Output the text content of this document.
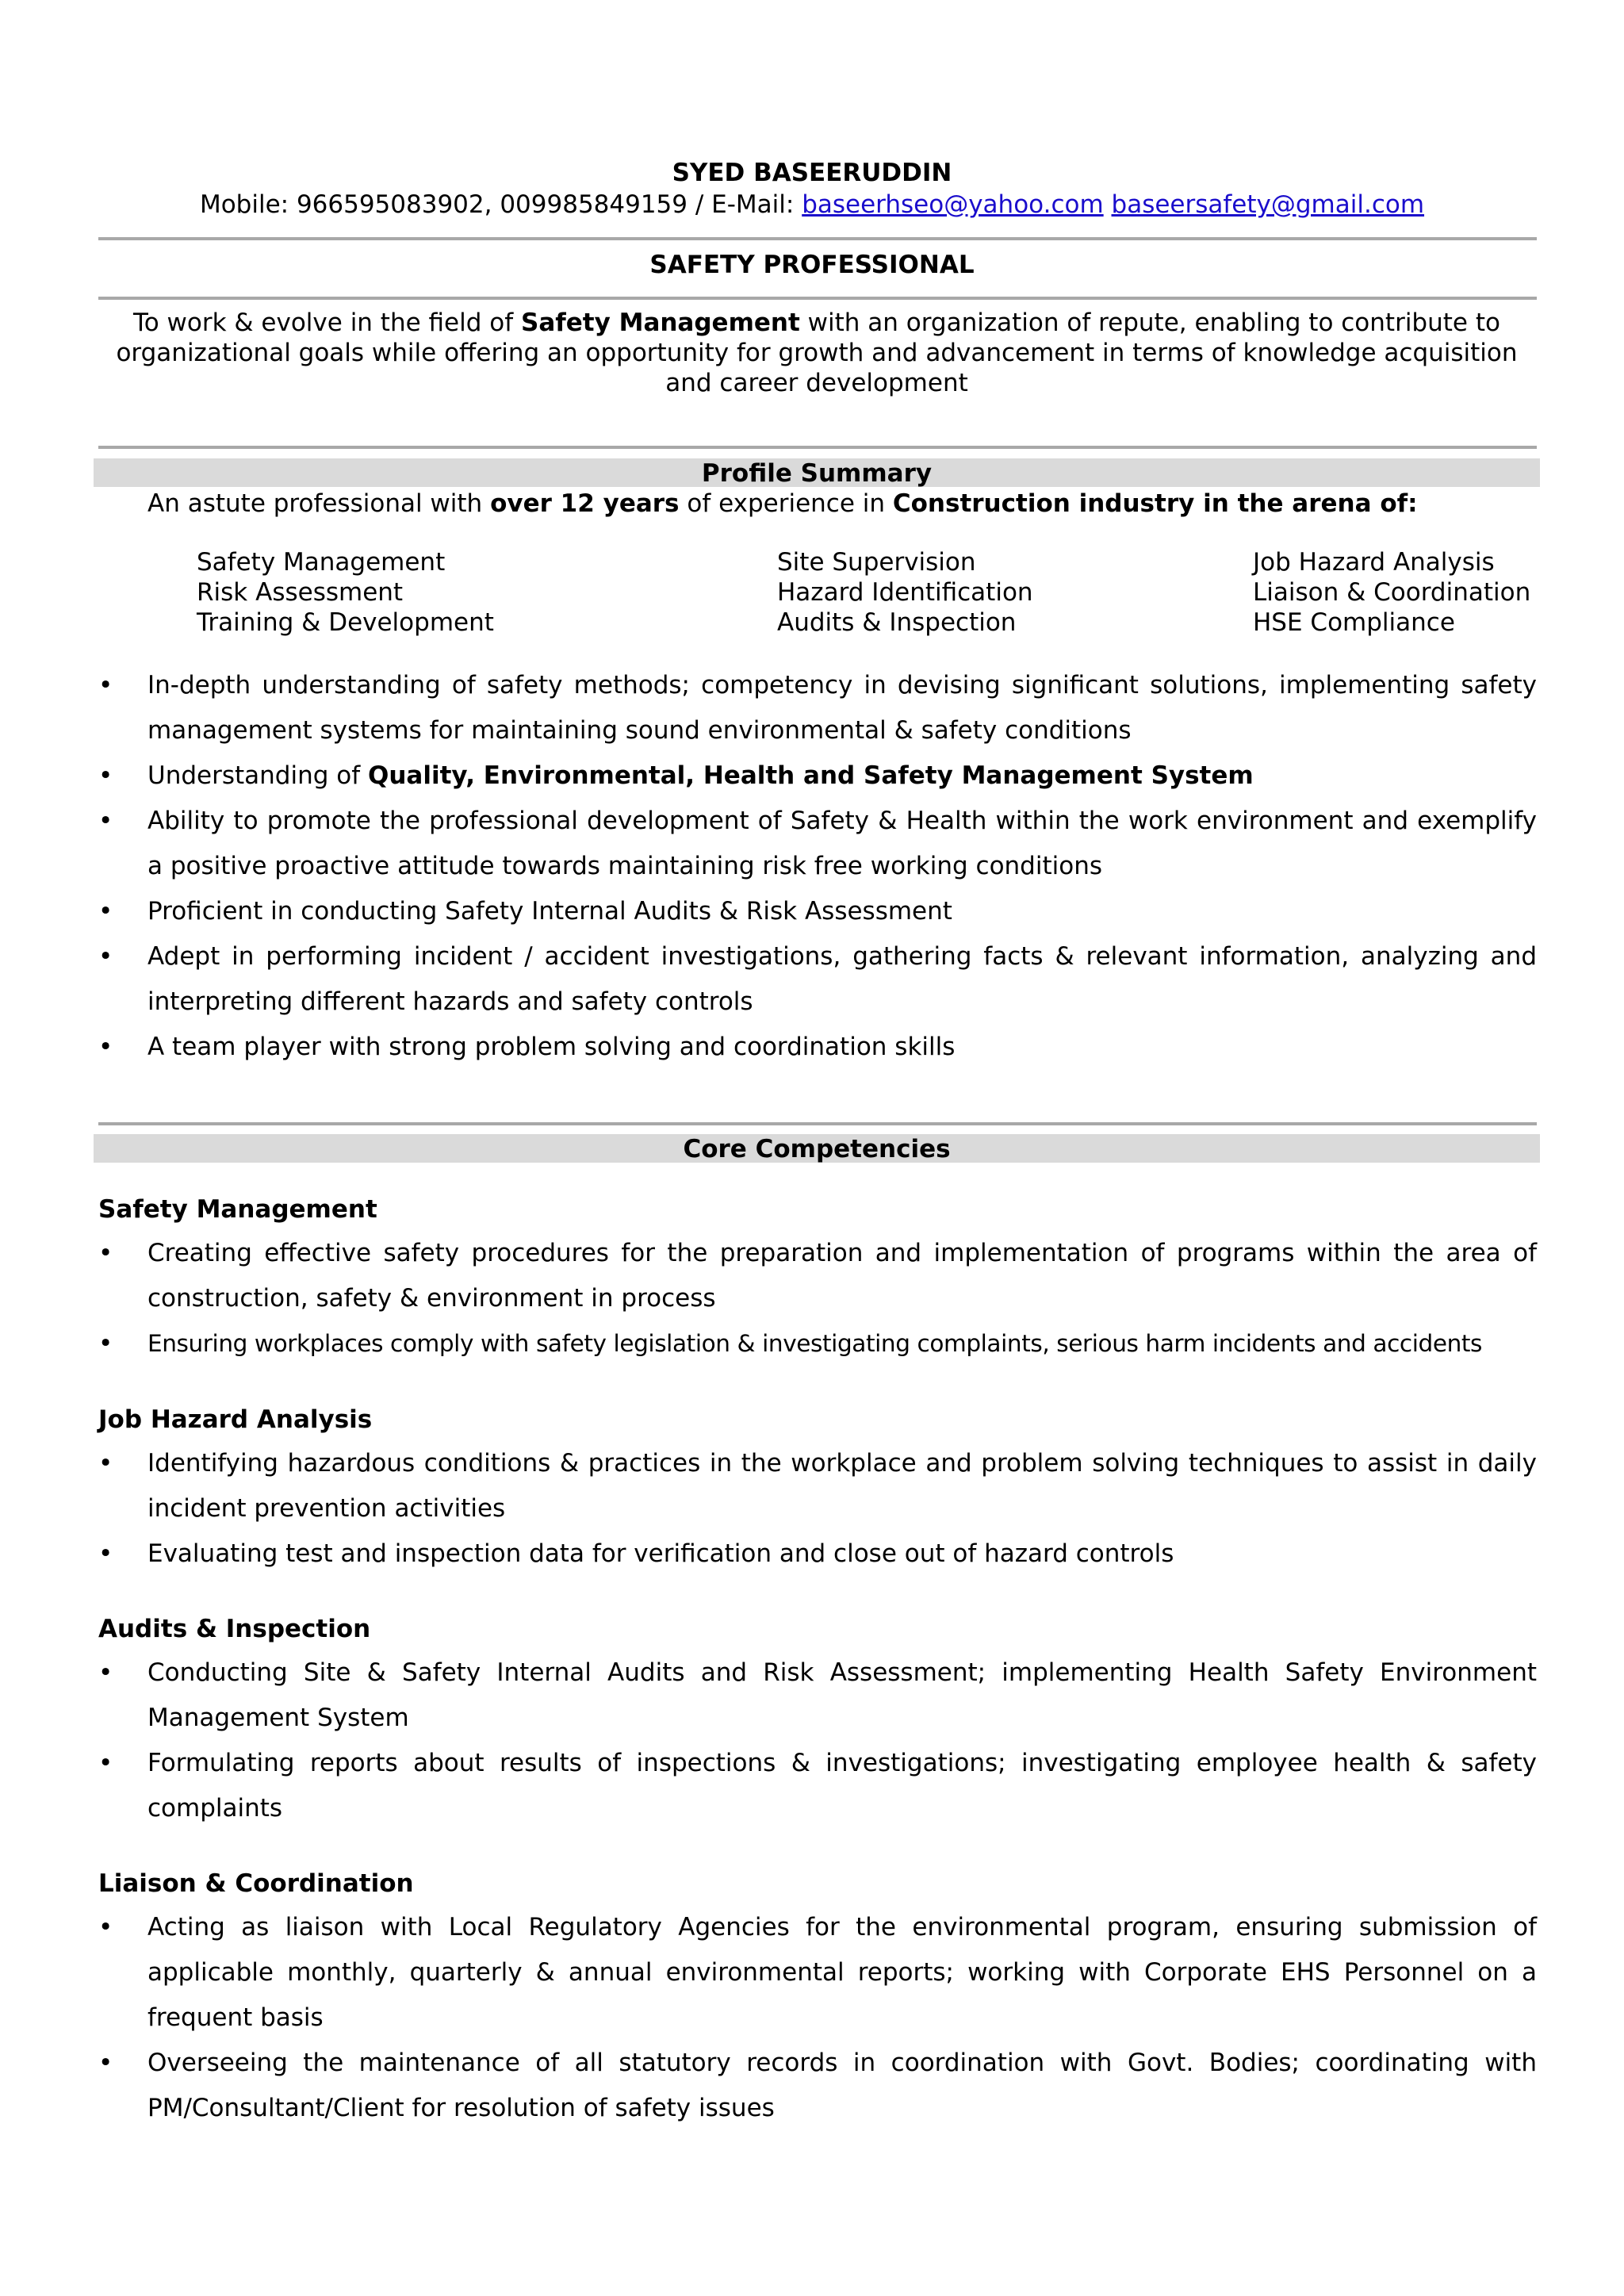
SYED BASEERUDDIN
Mobile: 966595083902, 009985849159 / E-Mail: baseerhseo@yahoo.com baseersafety@gmail.com
SAFETY PROFESSIONAL
To work & evolve in the field of Safety Management with an organization of repute, enabling to contribute to organizational goals while offering an opportunity for growth and advancement in terms of knowledge acquisition and career development
Profile Summary
An astute professional with over 12 years of experience in Construction industry in the arena of:
Safety Management
Risk Assessment
Training & Development
Site Supervision
Hazard Identification
Audits & Inspection
Job Hazard Analysis
Liaison & Coordination
HSE Compliance
• In-depth understanding of safety methods; competency in devising significant solutions, implementing safety management systems for maintaining sound environmental & safety conditions
• Understanding of Quality, Environmental, Health and Safety Management System
• Ability to promote the professional development of Safety & Health within the work environment and exemplify a positive proactive attitude towards maintaining risk free working conditions
• Proficient in conducting Safety Internal Audits & Risk Assessment
• Adept in performing incident / accident investigations, gathering facts & relevant information, analyzing and interpreting different hazards and safety controls
• A team player with strong problem solving and coordination skills
Core Competencies
Safety Management
• Creating effective safety procedures for the preparation and implementation of programs within the area of construction, safety & environment in process
• Ensuring workplaces comply with safety legislation & investigating complaints, serious harm incidents and accidents
Job Hazard Analysis
• Identifying hazardous conditions & practices in the workplace and problem solving techniques to assist in daily incident prevention activities
• Evaluating test and inspection data for verification and close out of hazard controls
Audits & Inspection
• Conducting Site & Safety Internal Audits and Risk Assessment; implementing Health Safety Environment Management System
• Formulating reports about results of inspections & investigations; investigating employee health & safety complaints
Liaison & Coordination
• Acting as liaison with Local Regulatory Agencies for the environmental program, ensuring submission of applicable monthly, quarterly & annual environmental reports; working with Corporate EHS Personnel on a frequent basis
• Overseeing the maintenance of all statutory records in coordination with Govt. Bodies; coordinating with PM/Consultant/Client for resolution of safety issues
